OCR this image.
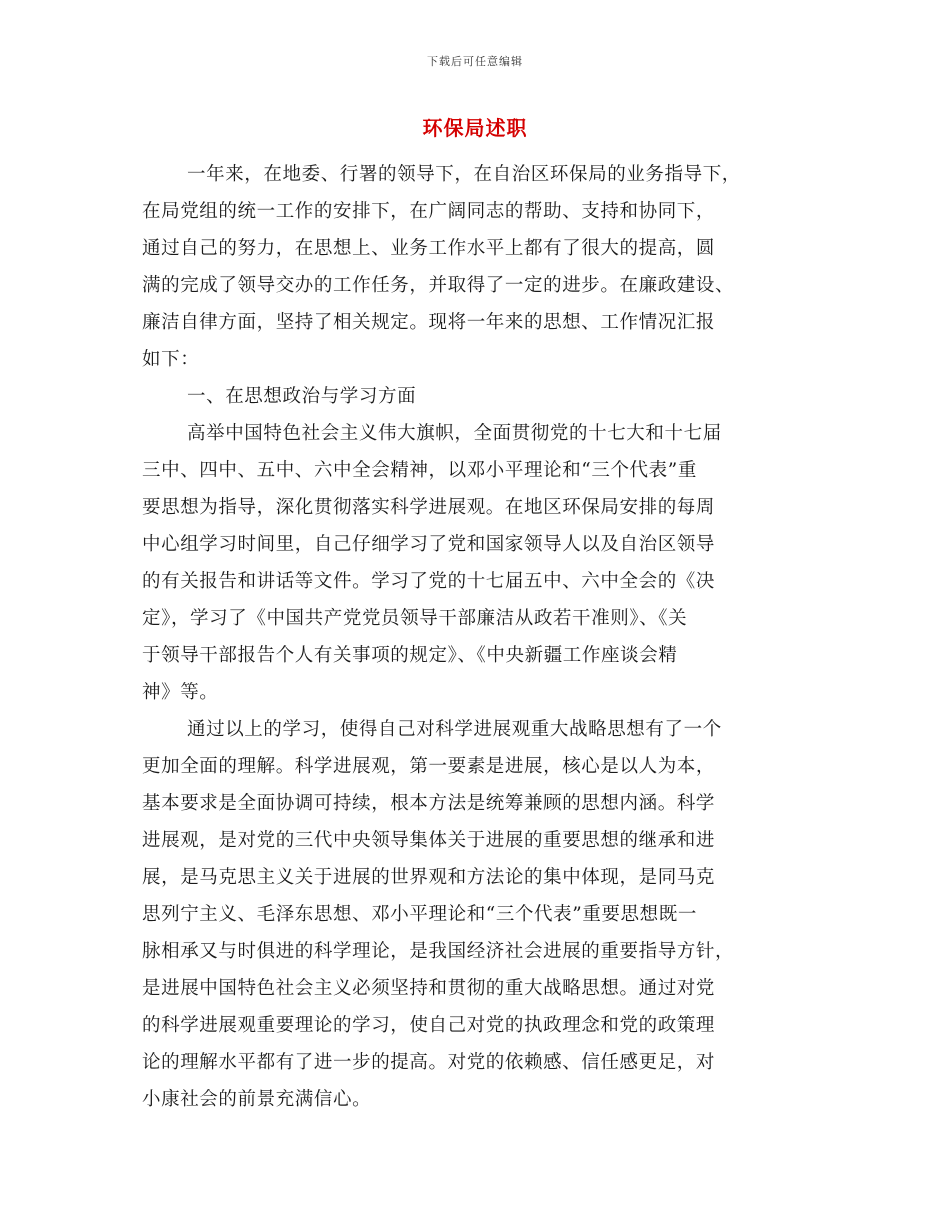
下载后可任意编辑
环保局述职
一年来，在地委、行署的领导下，在自治区环保局的业务指导下，
在局党组的统一工作的安排下，在广阔同志的帮助、支持和协同下，
通过自己的努力，在思想上、业务工作水平上都有了很大的提高，圆
满的完成了领导交办的工作任务，并取得了一定的进步。在廉政建设、
廉洁自律方面，坚持了相关规定。现将一年来的思想、工作情况汇报
如下：
一、在思想政治与学习方面
高举中国特色社会主义伟大旗帜，全面贯彻党的十七大和十七届
三中、四中、五中、六中全会精神，以邓小平理论和“三个代表”重
要思想为指导，深化贯彻落实科学进展观。在地区环保局安排的每周
中心组学习时间里，自己仔细学习了党和国家领导人以及自治区领导
的有关报告和讲话等文件。学习了党的十七届五中、六中全会的《决
定》，学习了《中国共产党党员领导干部廉洁从政若干准则》、《关
于领导干部报告个人有关事项的规定》、《中央新疆工作座谈会精
神》等。
通过以上的学习，使得自己对科学进展观重大战略思想有了一个
更加全面的理解。科学进展观，第一要素是进展，核心是以人为本，
基本要求是全面协调可持续，根本方法是统筹兼顾的思想内涵。科学
进展观，是对党的三代中央领导集体关于进展的重要思想的继承和进
展，是马克思主义关于进展的世界观和方法论的集中体现，是同马克
思列宁主义、毛泽东思想、邓小平理论和“三个代表”重要思想既一
脉相承又与时俱进的科学理论，是我国经济社会进展的重要指导方针，
是进展中国特色社会主义必须坚持和贯彻的重大战略思想。通过对党
的科学进展观重要理论的学习，使自己对党的执政理念和党的政策理
论的理解水平都有了进一步的提高。对党的依赖感、信任感更足，对
小康社会的前景充满信心。
